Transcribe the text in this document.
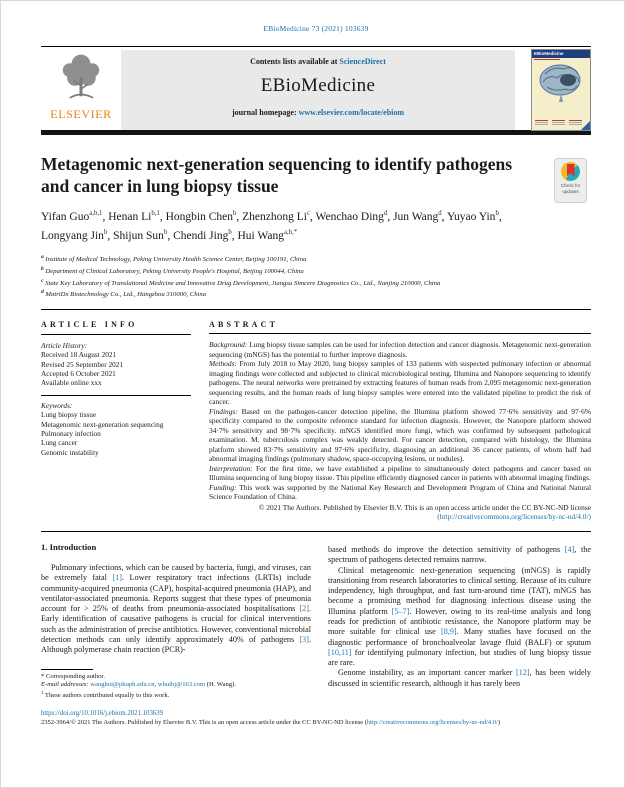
EBioMedicine 73 (2021) 103639
ELSEVIER
Contents lists available at ScienceDirect
EBioMedicine
journal homepage: www.elsevier.com/locate/ebiom
EBioMedicine
Metagenomic next-generation sequencing to identify pathogens and cancer in lung biopsy tissue	Check for updates
Yifan Guo$^{a,b,1}$, Henan Li$^{b,1}$, Hongbin Chen$^b$, Zhenzhong Li$^c$, Wenchao Ding$^d$, Jun Wang$^d$, Yuyao Yin$^b$, Longyang Jin$^b$, Shijun Sun$^b$, Chendi Jing$^b$, Hui Wang$^{a,b,*}$
$^a$ Institute of Medical Technology, Peking University Health Science Center, Beijing 100191, China
$^b$ Department of Clinical Laboratory, Peking University People's Hospital, Beijing 100044, China
$^c$ State Key Laboratory of Translational Medicine and Innovative Drug Development, Jiangsu Simcere Diagnostics Co., Ltd., Nanjing 210000, China
$^d$ MatriDx Biotechnology Co., Ltd., Hangzhou 310000, China
ARTICLE INFO
Article History:
Received 18 August 2021
Revised 25 September 2021
Accepted 6 October 2021
Available online xxx
Keywords:
Lung biopsy tissue
Metagenomic next-generation sequencing
Pulmonary infection
Lung cancer
Genomic instability
ABSTRACT

Background: Lung biopsy tissue samples can be used for infection detection and cancer diagnosis. Metagenomic next-generation sequencing (mNGS) has the potential to further improve diagnosis.

Methods: From July 2018 to May 2020, lung biopsy samples of 133 patients with suspected pulmonary infection or abnormal imaging findings were collected and subjected to clinical microbiological testing, Illumina and Nanopore sequencing to identify pathogens. The neural networks were pretrained by extracting features of human reads from 2,095 metagenomic next-generation sequencing results, and the human reads of lung biopsy samples were entered into the validated pipeline to predict the risk of cancer.

Findings: Based on the pathogen-cancer detection pipeline, the Illumina platform showed 77·6% sensitivity and 97·6% specificity compared to the composite reference standard for infection diagnosis. However, the Nanopore platform showed 34·7% sensitivity and 98·7% specificity. mNGS identified more fungi, which was confirmed by subsequent pathological examination. M. tuberculosis complex was weakly detected. For cancer detection, compared with histology, the Illumina platform showed 83·7% sensitivity and 97·6% specificity, diagnosing an additional 36 cancer patients, of whom half had abnormal imaging findings (pulmonary shadow, space-occupying lesions, or nodules).

Interpretation: For the first time, we have established a pipeline to simultaneously detect pathogens and cancer based on Illumina sequencing of lung biopsy tissue. This pipeline efficiently diagnosed cancer in patients with abnormal imaging findings.

Funding: This work was supported by the National Key Research and Development Program of China and National Natural Science Foundation of China.

© 2021 The Authors. Published by Elsevier B.V. This is an open access article under the CC BY-NC-ND license
(http://creativecommons.org/licenses/by-nc-nd/4.0/)
1. Introduction

Pulmonary infections, which can be caused by bacteria, fungi, and viruses, can be extremely fatal [1]. Lower respiratory tract infections (LRTIs) include community-acquired pneumonia (CAP), hospital-acquired pneumonia (HAP), and ventilator-associated pneumonia. Reports suggest that these types of pneumonia account for > 25% of deaths from pneumonia-associated hospitalisations [2]. Early identification of causative pathogens is crucial for clinical interventions such as the administration of precise antibiotics. However, conventional microbial detection methods can only identify approximately 40% of pathogens [3]. Although polymerase chain reaction (PCR)-

* Corresponding author.
E-mail addresses: wanghui@pkuph.edu.cn, whuibj@163.com (H. Wang).
$^1$ These authors contributed equally to this work.

based methods do improve the detection sensitivity of pathogens [4], the spectrum of pathogens detected remains narrow.

Clinical metagenomic next-generation sequencing (mNGS) is rapidly transitioning from research laboratories to clinical setting. Because of its culture independency, high throughput, and fast turn-around time (TAT), mNGS has become a promising method for diagnosing infectious disease using the Illumina platform [5–7]. However, owing to its real-time analysis and long reads for prediction of antibiotic resistance, the Nanopore platform may be more suitable for clinical use [8,9]. Many studies have focused on the diagnostic performance of bronchoalveolar lavage fluid (BALF) or sputum [10,11] for identifying pulmonary infection, but studies of lung biopsy tissue are rare.

Genome instability, as an important cancer marker [12], has been widely discussed in scientific research, although it has rarely been

https://doi.org/10.1016/j.ebiom.2021.103639
2352-3964/© 2021 The Authors. Published by Elsevier B.V. This is an open access article under the CC BY-NC-ND license (http://creativecommons.org/licenses/by-nc-nd/4.0/)
